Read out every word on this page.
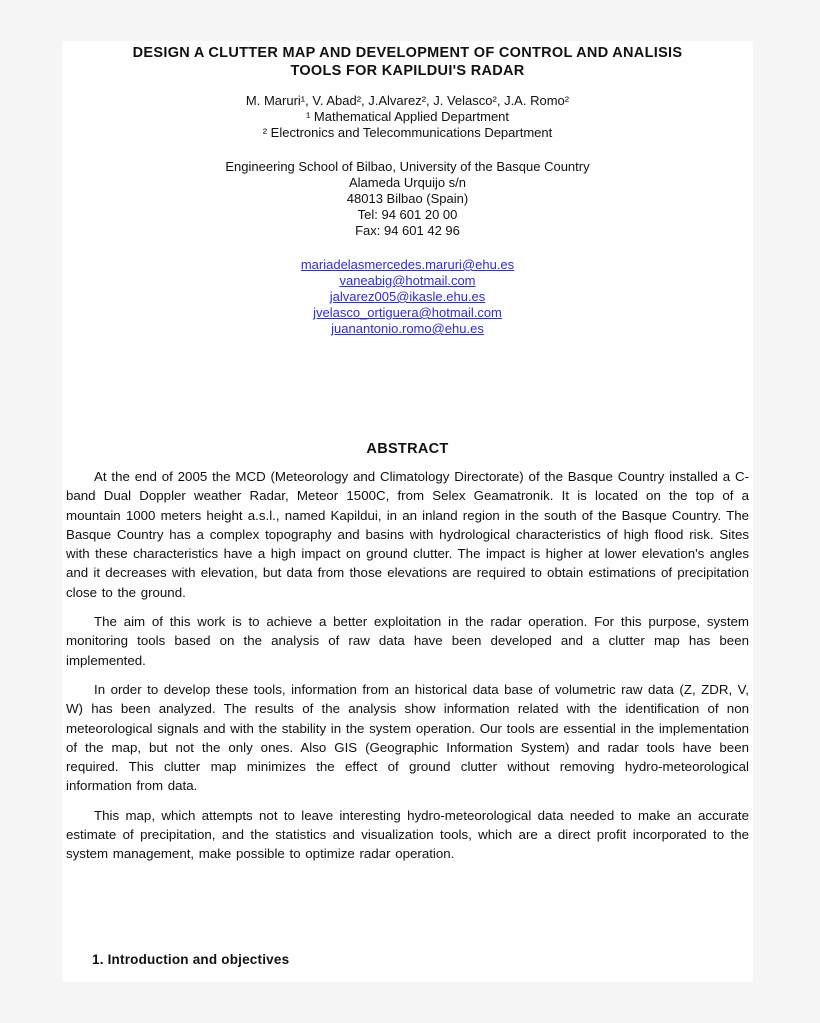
DESIGN A CLUTTER MAP AND DEVELOPMENT OF CONTROL AND ANALISIS
TOOLS FOR KAPILDUI'S RADAR
M. Maruri¹, V. Abad², J.Alvarez², J. Velasco², J.A. Romo²
¹ Mathematical Applied Department
² Electronics and Telecommunications Department
Engineering School of Bilbao, University of the Basque Country
Alameda Urquijo s/n
48013 Bilbao (Spain)
Tel: 94 601 20 00
Fax: 94 601 42 96
mariadelasmercedes.maruri@ehu.es
vaneabig@hotmail.com
jalvarez005@ikasle.ehu.es
jvelasco_ortiguera@hotmail.com
juanantonio.romo@ehu.es
ABSTRACT

At the end of 2005 the MCD (Meteorology and Climatology Directorate) of the Basque Country installed a C-band Dual Doppler weather Radar, Meteor 1500C, from Selex Geamatronik. It is located on the top of a mountain 1000 meters height a.s.l., named Kapildui, in an inland region in the south of the Basque Country. The Basque Country has a complex topography and basins with hydrological characteristics of high flood risk. Sites with these characteristics have a high impact on ground clutter. The impact is higher at lower elevation's angles and it decreases with elevation, but data from those elevations are required to obtain estimations of precipitation close to the ground.

The aim of this work is to achieve a better exploitation in the radar operation. For this purpose, system monitoring tools based on the analysis of raw data have been developed and a clutter map has been implemented.

In order to develop these tools, information from an historical data base of volumetric raw data (Z, ZDR, V, W) has been analyzed. The results of the analysis show information related with the identification of non meteorological signals and with the stability in the system operation. Our tools are essential in the implementation of the map, but not the only ones. Also GIS (Geographic Information System) and radar tools have been required. This clutter map minimizes the effect of ground clutter without removing hydro-meteorological information from data.

This map, which attempts not to leave interesting hydro-meteorological data needed to make an accurate estimate of precipitation, and the statistics and visualization tools, which are a direct profit incorporated to the system management, make possible to optimize radar operation.

1. Introduction and objectives
